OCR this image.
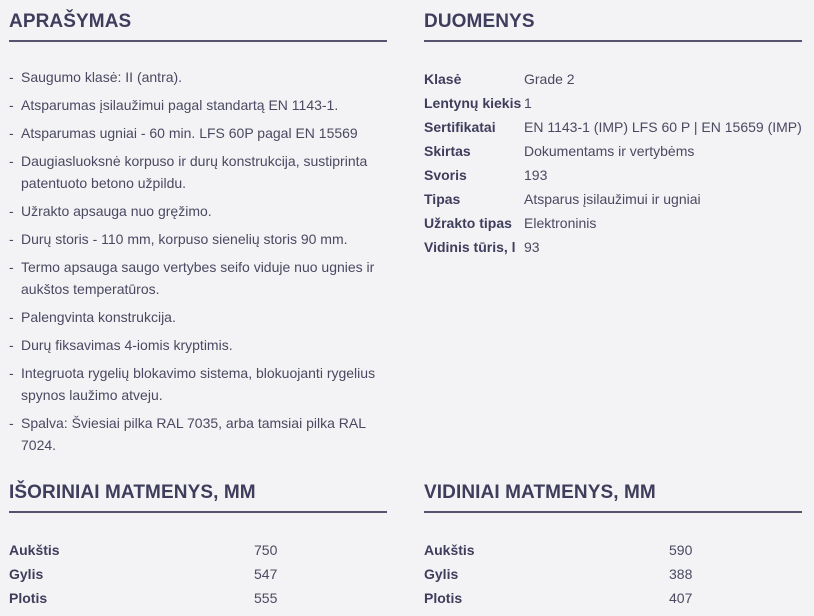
APRAŠYMAS
- Saugumo klasė: II (antra).
- Atsparumas įsilaužimui pagal standartą EN 1143-1.
- Atsparumas ugniai - 60 min. LFS 60P pagal EN 15569
- Daugiasluoksnė korpuso ir durų konstrukcija, sustiprinta patentuoto betono užpildu.
- Užrakto apsauga nuo gręžimo.
- Durų storis - 110 mm, korpuso sienelių storis 90 mm.
- Termo apsauga saugo vertybes seifo viduje nuo ugnies ir aukštos temperatūros.
- Palengvinta konstrukcija.
- Durų fiksavimas 4-iomis kryptimis.
- Integruota rygelių blokavimo sistema, blokuojanti rygelius spynos laužimo atveju.
- Spalva: Šviesiai pilka RAL 7035, arba tamsiai pilka RAL 7024.
DUOMENYS
Klasė	Grade 2
Lentynų kiekis 1
Sertifikatai	EN 1143-1 (IMP) LFS 60 P | EN 15659 (IMP)
Skirtas	Dokumentams ir vertybėms
Svoris	193
Tipas	Atsparus įsilaužimui ir ugniai
Užrakto tipas Elektroninis
Vidinis tūris, l 93
IŠORINIAI MATMENYS, MM
Aukštis	750
Gylis	547
Plotis	555
VIDINIAI MATMENYS, MM
Aukštis	590
Gylis	388
Plotis	407
